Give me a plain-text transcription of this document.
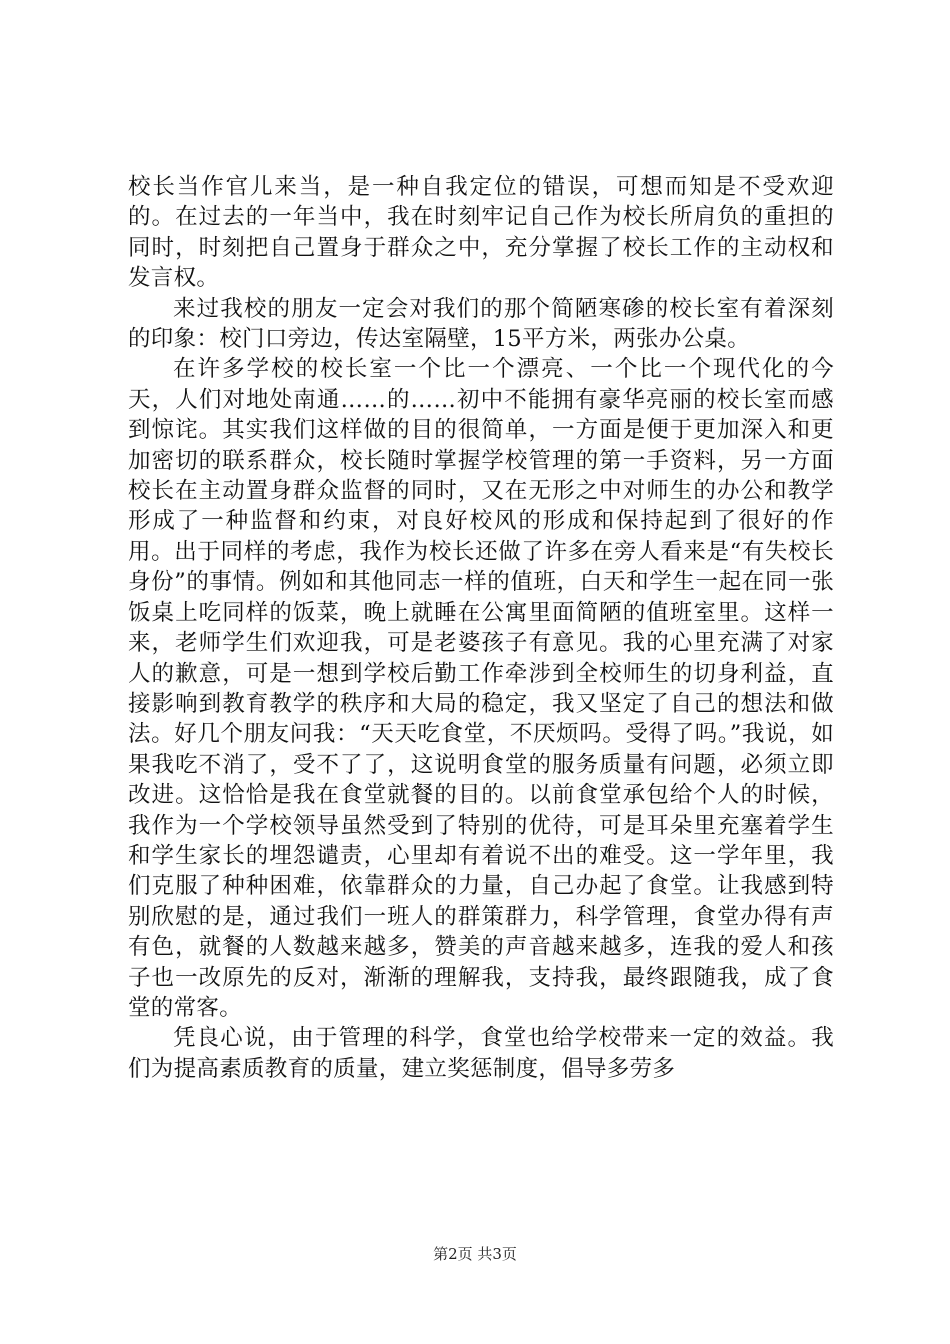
校长当作官儿来当，是一种自我定位的错误，可想而知是不受欢迎的。在过去的一年当中，我在时刻牢记自己作为校长所肩负的重担的同时，时刻把自己置身于群众之中，充分掌握了校长工作的主动权和发言权。

来过我校的朋友一定会对我们的那个简陋寒碜的校长室有着深刻的印象：校门口旁边，传达室隔壁，15平方米，两张办公桌。

在许多学校的校长室一个比一个漂亮、一个比一个现代化的今天，人们对地处南通……的……初中不能拥有豪华亮丽的校长室而感到惊诧。其实我们这样做的目的很简单，一方面是便于更加深入和更加密切的联系群众，校长随时掌握学校管理的第一手资料，另一方面校长在主动置身群众监督的同时，又在无形之中对师生的办公和教学形成了一种监督和约束，对良好校风的形成和保持起到了很好的作用。出于同样的考虑，我作为校长还做了许多在旁人看来是“有失校长身份”的事情。例如和其他同志一样的值班，白天和学生一起在同一张饭桌上吃同样的饭菜，晚上就睡在公寓里面简陋的值班室里。这样一来，老师学生们欢迎我，可是老婆孩子有意见。我的心里充满了对家人的歉意，可是一想到学校后勤工作牵涉到全校师生的切身利益，直接影响到教育教学的秩序和大局的稳定，我又坚定了自己的想法和做法。好几个朋友问我：“天天吃食堂，不厌烦吗。受得了吗。”我说，如果我吃不消了，受不了了，这说明食堂的服务质量有问题，必须立即改进。这恰恰是我在食堂就餐的目的。以前食堂承包给个人的时候，我作为一个学校领导虽然受到了特别的优待，可是耳朵里充塞着学生和学生家长的埋怨谴责，心里却有着说不出的难受。这一学年里，我们克服了种种困难，依靠群众的力量，自己办起了食堂。让我感到特别欣慰的是，通过我们一班人的群策群力，科学管理，食堂办得有声有色，就餐的人数越来越多，赞美的声音越来越多，连我的爱人和孩子也一改原先的反对，渐渐的理解我，支持我，最终跟随我，成了食堂的常客。

凭良心说，由于管理的科学，食堂也给学校带来一定的效益。我们为提高素质教育的质量，建立奖惩制度，倡导多劳多

第2页 共3页
